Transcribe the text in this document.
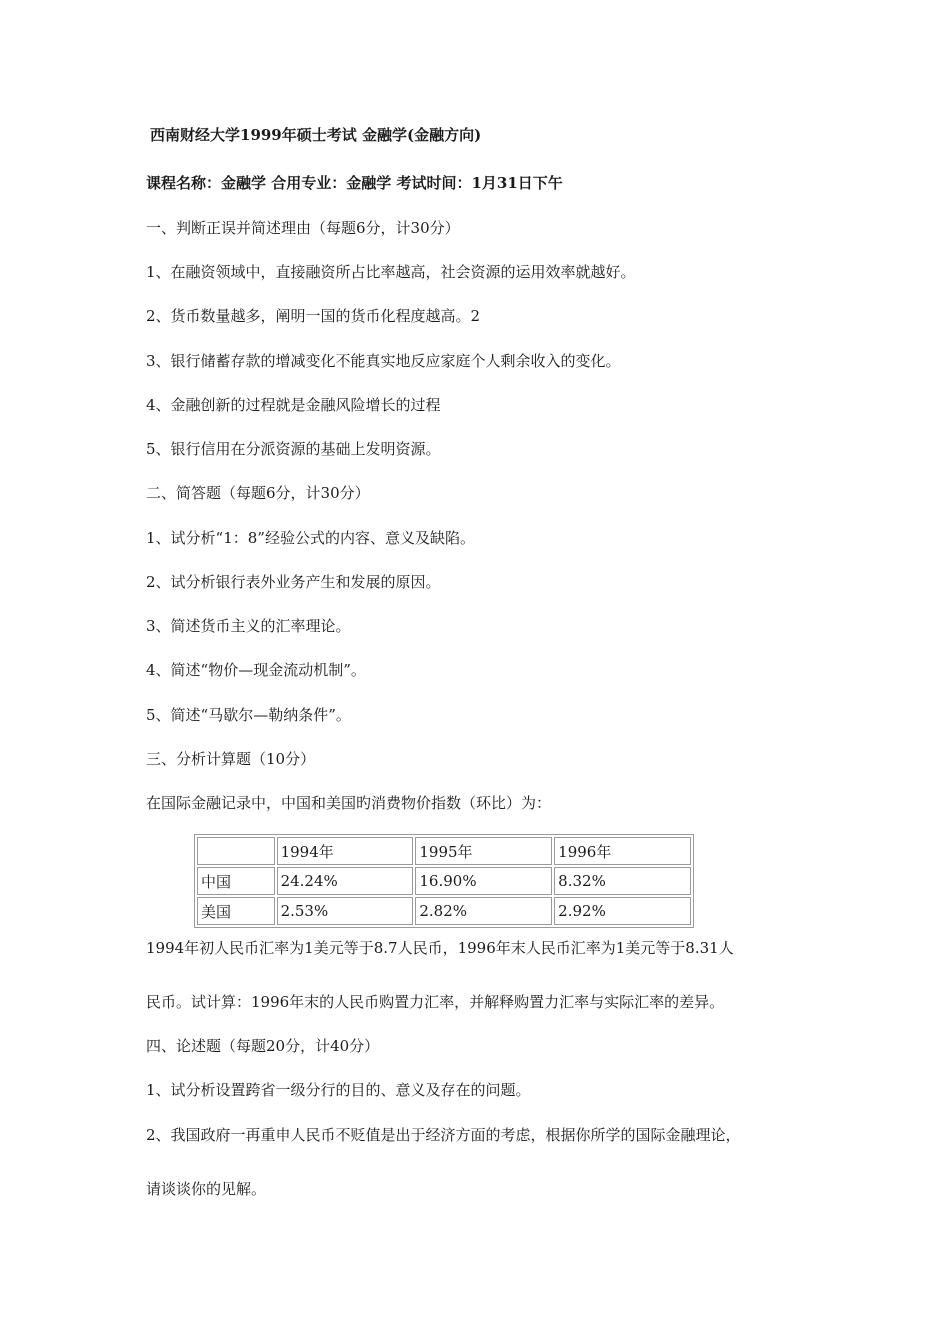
西南财经大学1999年硕士考试 金融学(金融方向)
课程名称：金融学 合用专业：金融学 考试时间：1月31日下午
一、判断正误并简述理由（每题6分，计30分）
1、在融资领域中，直接融资所占比率越高，社会资源的运用效率就越好。
2、货币数量越多，阐明一国的货币化程度越高。2
3、银行储蓄存款的增减变化不能真实地反应家庭个人剩余收入的变化。
4、金融创新的过程就是金融风险增长的过程
5、银行信用在分派资源的基础上发明资源。
二、简答题（每题6分，计30分）
1、试分析“1：8”经验公式的内容、意义及缺陷。
2、试分析银行表外业务产生和发展的原因。
3、简述货币主义的汇率理论。
4、简述“物价—现金流动机制”。
5、简述“马歇尔—勒纳条件”。
三、分析计算题（10分）
在国际金融记录中，中国和美国旳消费物价指数（环比）为：
	1994年	1995年	1996年
中国	24.24%	16.90%	8.32%
美国	2.53%	2.82%	2.92%
1994年初人民币汇率为1美元等于8.7人民币，1996年末人民币汇率为1美元等于8.31人
民币。试计算：1996年末的人民币购置力汇率，并解释购置力汇率与实际汇率的差异。
四、论述题（每题20分，计40分）
1、试分析设置跨省一级分行的目的、意义及存在的问题。
2、我国政府一再重申人民币不贬值是出于经济方面的考虑，根据你所学的国际金融理论，
请谈谈你的见解。
